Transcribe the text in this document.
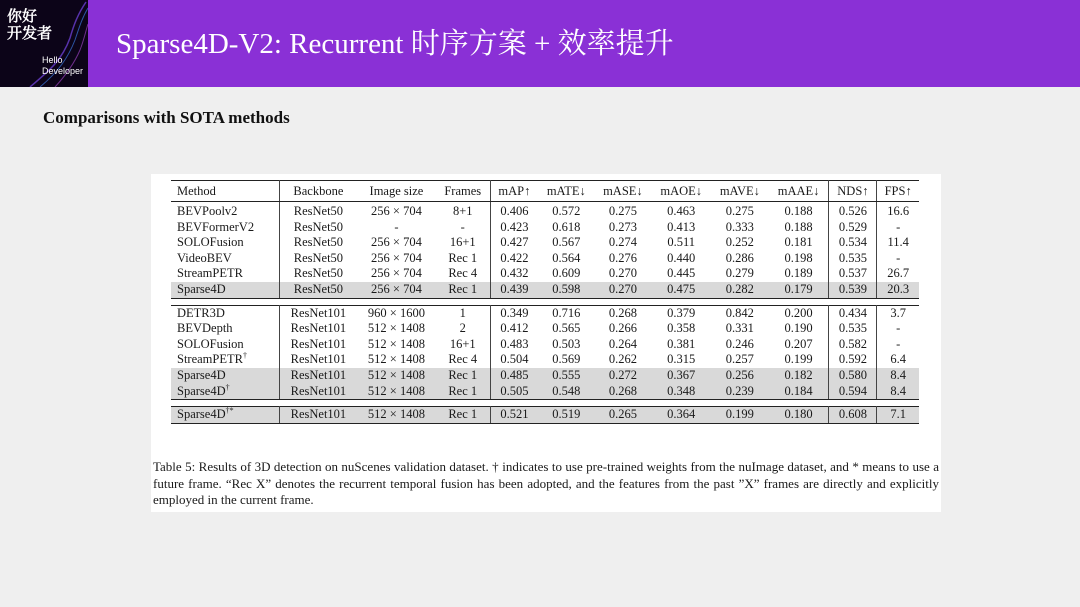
你好
开发者
Hello
Developer
Sparse4D-V2: Recurrent 时序方案 + 效率提升
Comparisons with SOTA methods
Method	Backbone	Image size	Frames	mAP↑	mATE↓	mASE↓	mAOE↓	mAVE↓	mAAE↓	NDS↑	FPS↑
BEVPoolv2	ResNet50	256 × 704	8+1	0.406	0.572	0.275	0.463	0.275	0.188	0.526	16.6
BEVFormerV2	ResNet50	-	-	0.423	0.618	0.273	0.413	0.333	0.188	0.529	-
SOLOFusion	ResNet50	256 × 704	16+1	0.427	0.567	0.274	0.511	0.252	0.181	0.534	11.4
VideoBEV	ResNet50	256 × 704	Rec 1	0.422	0.564	0.276	0.440	0.286	0.198	0.535	-
StreamPETR	ResNet50	256 × 704	Rec 4	0.432	0.609	0.270	0.445	0.279	0.189	0.537	26.7
Sparse4D	ResNet50	256 × 704	Rec 1	0.439	0.598	0.270	0.475	0.282	0.179	0.539	20.3

DETR3D	ResNet101	960 × 1600	1	0.349	0.716	0.268	0.379	0.842	0.200	0.434	3.7
BEVDepth	ResNet101	512 × 1408	2	0.412	0.565	0.266	0.358	0.331	0.190	0.535	-
SOLOFusion	ResNet101	512 × 1408	16+1	0.483	0.503	0.264	0.381	0.246	0.207	0.582	-
StreamPETR†	ResNet101	512 × 1408	Rec 4	0.504	0.569	0.262	0.315	0.257	0.199	0.592	6.4
Sparse4D	ResNet101	512 × 1408	Rec 1	0.485	0.555	0.272	0.367	0.256	0.182	0.580	8.4
Sparse4D†	ResNet101	512 × 1408	Rec 1	0.505	0.548	0.268	0.348	0.239	0.184	0.594	8.4

Sparse4D†*	ResNet101	512 × 1408	Rec 1	0.521	0.519	0.265	0.364	0.199	0.180	0.608	7.1
Table 5: Results of 3D detection on nuScenes validation dataset. † indicates to use pre-trained weights from the nuImage dataset, and * means to use a future frame. “Rec X” denotes the recurrent temporal fusion has been adopted, and the features from the past ”X” frames are directly and explicitly employed in the current frame.
